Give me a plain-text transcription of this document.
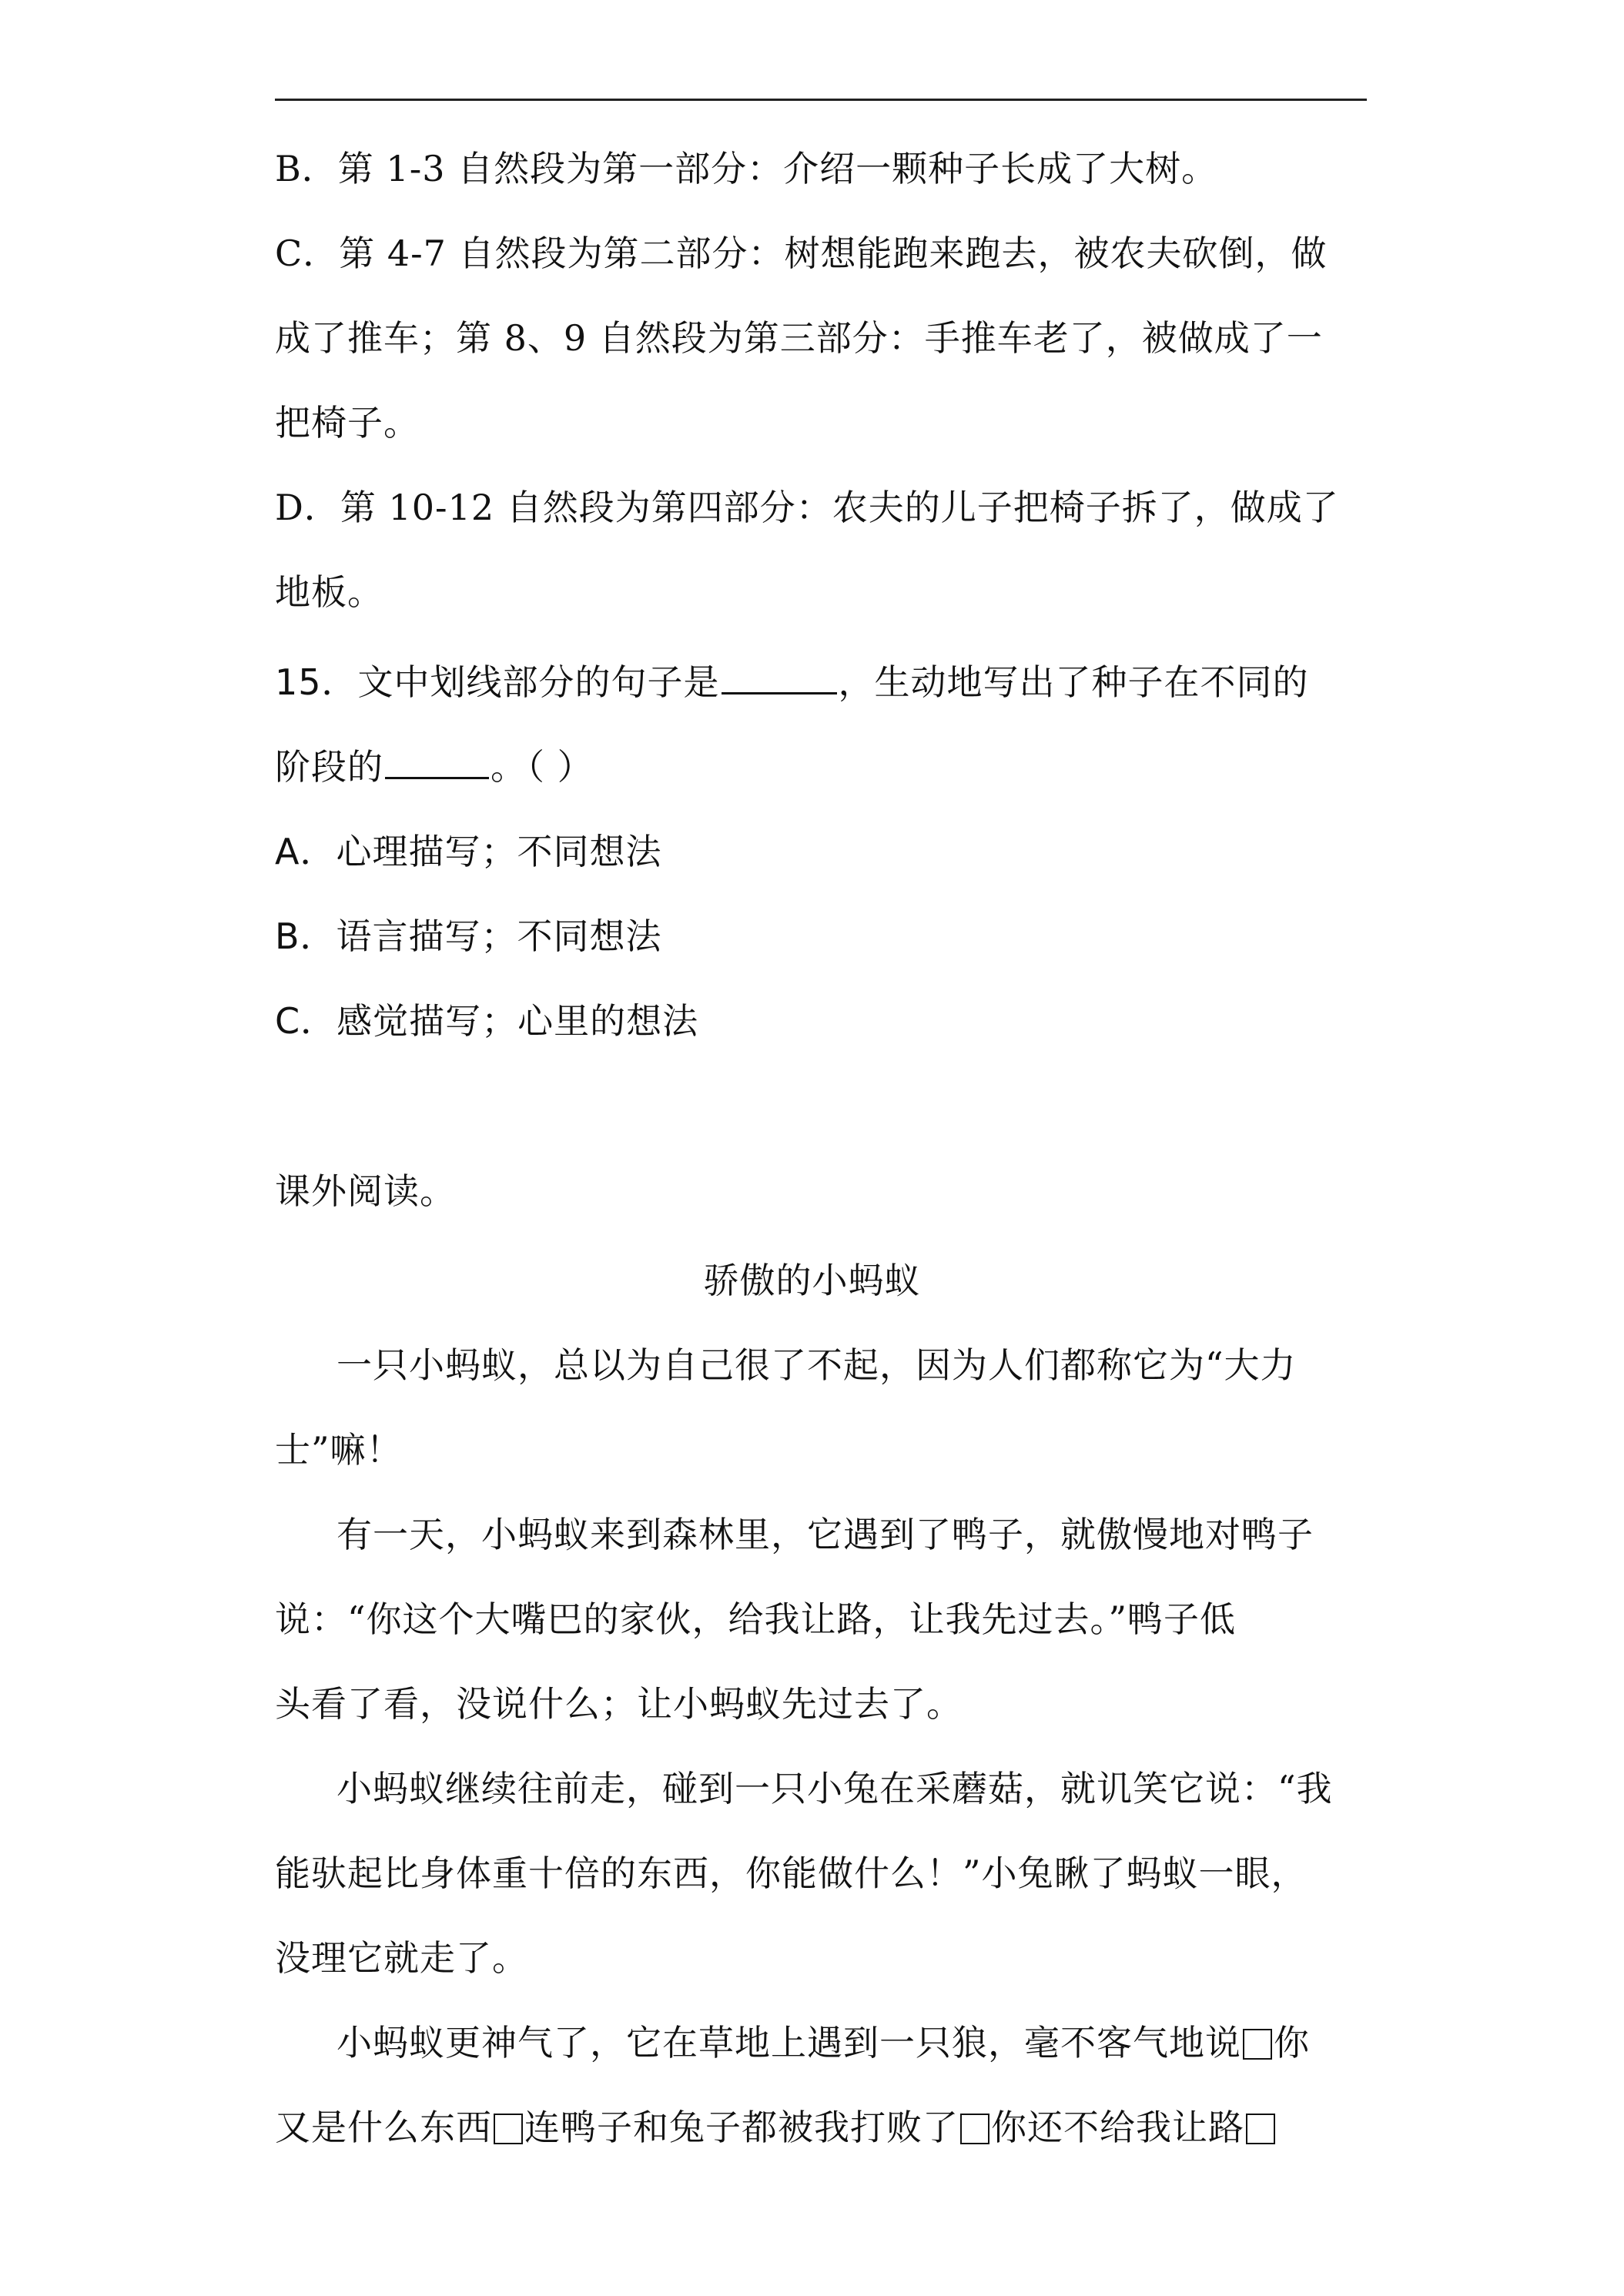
B．第 1-3 自然段为第一部分：介绍一颗种子长成了大树。
C．第 4-7 自然段为第二部分：树想能跑来跑去，被农夫砍倒，做
成了推车；第 8、9 自然段为第三部分：手推车老了，被做成了一
把椅子。
D．第 10-12 自然段为第四部分：农夫的儿子把椅子拆了，做成了
地板。
15．文中划线部分的句子是	，生动地写出了种子在不同的
阶段的	。（ ）
A．心理描写；不同想法
B．语言描写；不同想法
C．感觉描写；心里的想法
课外阅读。
骄傲的小蚂蚁
一只小蚂蚁，总以为自己很了不起，因为人们都称它为“大力
士”嘛！
有一天，小蚂蚁来到森林里，它遇到了鸭子，就傲慢地对鸭子
说：“你这个大嘴巴的家伙，给我让路，让我先过去。”鸭子低
头看了看，没说什么；让小蚂蚁先过去了。
小蚂蚁继续往前走，碰到一只小兔在采蘑菇，就讥笑它说：“我
能驮起比身体重十倍的东西，你能做什么！”小兔瞅了蚂蚁一眼，
没理它就走了。
小蚂蚁更神气了，它在草地上遇到一只狼，毫不客气地说 你
又是什么东西 连鸭子和兔子都被我打败了 你还不给我让路
